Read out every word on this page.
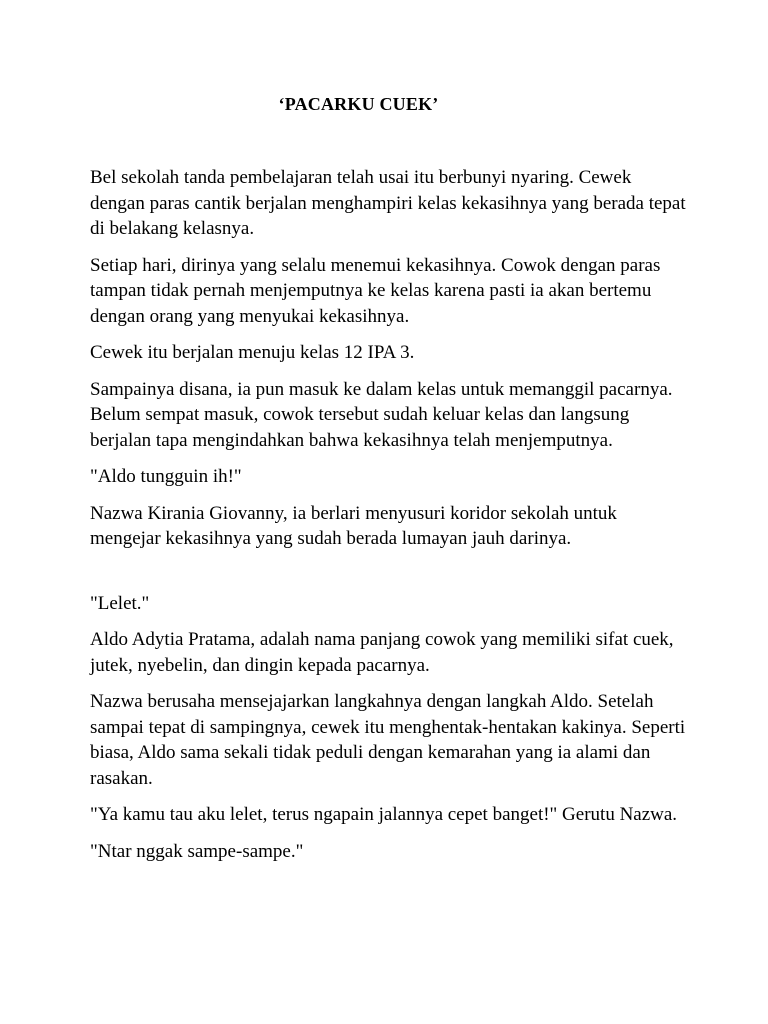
‘PACARKU CUEK’

Bel sekolah tanda pembelajaran telah usai itu berbunyi nyaring. Cewek dengan paras cantik berjalan menghampiri kelas kekasihnya yang berada tepat di belakang kelasnya.

Setiap hari, dirinya yang selalu menemui kekasihnya. Cowok dengan paras tampan tidak pernah menjemputnya ke kelas karena pasti ia akan bertemu dengan orang yang menyukai kekasihnya.

Cewek itu berjalan menuju kelas 12 IPA 3.

Sampainya disana, ia pun masuk ke dalam kelas untuk memanggil pacarnya. Belum sempat masuk, cowok tersebut sudah keluar kelas dan langsung berjalan tapa mengindahkan bahwa kekasihnya telah menjemputnya.

"Aldo tungguin ih!"

Nazwa Kirania Giovanny, ia berlari menyusuri koridor sekolah untuk mengejar kekasihnya yang sudah berada lumayan jauh darinya.

"Lelet."

Aldo Adytia Pratama, adalah nama panjang cowok yang memiliki sifat cuek, jutek, nyebelin, dan dingin kepada pacarnya.

Nazwa berusaha mensejajarkan langkahnya dengan langkah Aldo. Setelah sampai tepat di sampingnya, cewek itu menghentak-hentakan kakinya. Seperti biasa, Aldo sama sekali tidak peduli dengan kemarahan yang ia alami dan rasakan.

"Ya kamu tau aku lelet, terus ngapain jalannya cepet banget!" Gerutu Nazwa.

"Ntar nggak sampe-sampe."
